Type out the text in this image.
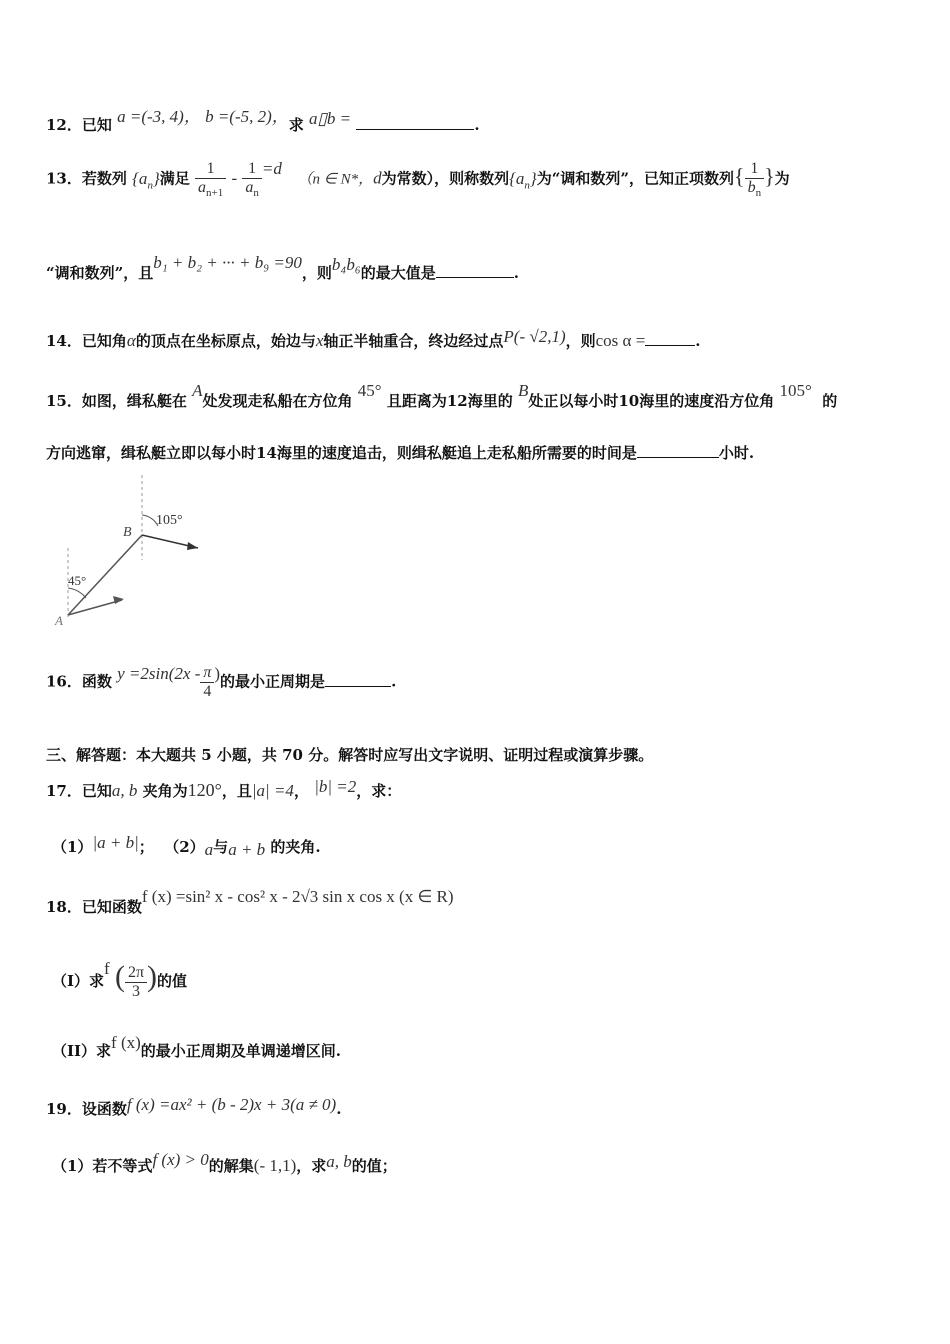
12．已知 a =(-3, 4)， b =(-5, 2)，求 a▯b =	.
13．若数列 $\{a_n\}$满足 $\frac{1}{a_{n+1}} - \frac{1}{a_n} =d$   （n ∈ N*，d为常数），则称数列$\{a_n\}$为“调和数列”，已知正项数列{ $\frac{1}{b_n}$ }为
“调和数列”，且b₁ + b₂ + ··· + b₉ =90，则b₄b₆的最大值是	.
14．已知角α的顶点在坐标原点，始边与x轴正半轴重合，终边经过点P(- √2,1)，则cos α =	.
15．如图，缉私艇在 A处发现走私船在方位角 45° 且距离为12海里的 B处正以每小时10海里的速度沿方位角 105°  的
方向逃窜，缉私艇立即以每小时14海里的速度追击，则缉私艇追上走私船所需要的时间是	小时.
B
A
105°
45°
16．函数 $y =2\sin(2x - \frac{\pi}{4}$ )的最小正周期是	.
三、解答题：本大题共 5 小题，共 70 分。解答时应写出文字说明、证明过程或演算步骤。
17．已知a, b 夹角为120°，且|a| =4， |b| =2，求：
（1）|a + b|； （2）a与a + b 的夹角.
18．已知函数f (x) =sin² x - cos² x - 2√3 sin x cos x (x ∈ R)
（I）求f ( $\frac{2\pi}{3}$ )的值
（II）求f (x)的最小正周期及单调递增区间.
19．设函数f (x) =ax² + (b - 2)x + 3(a ≠ 0).
（1）若不等式f (x) > 0的解集(- 1,1)，求a, b的值；
